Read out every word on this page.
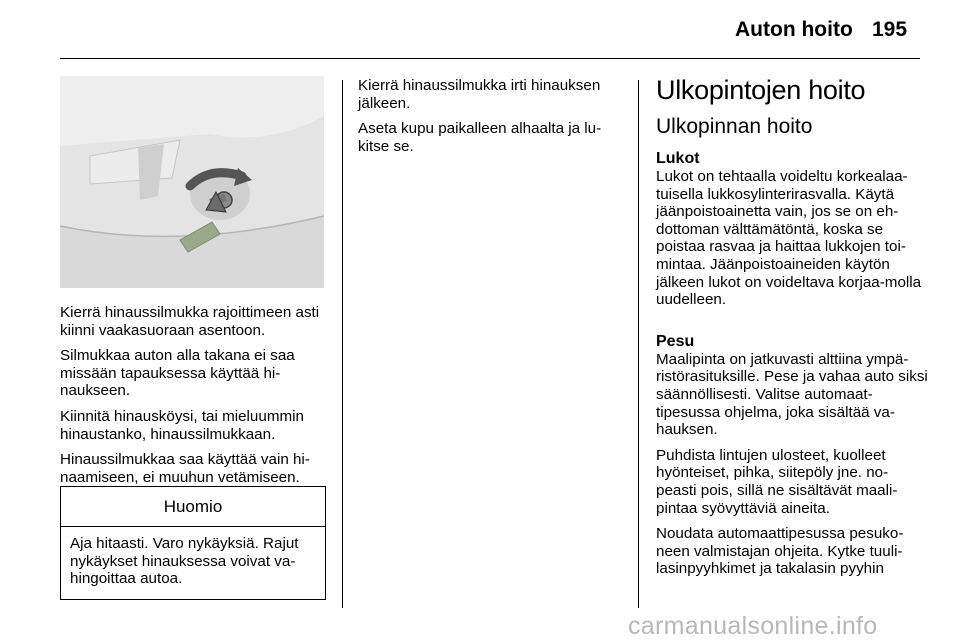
Auton hoito 195

Kierrä hinaussilmukka rajoittimeen asti kiinni vaakasuoraan asentoon.

Silmukkaa auton alla takana ei saa missään tapauksessa käyttää hi-naukseen.

Kiinnitä hinausköysi, tai mieluummin hinaustanko, hinaussilmukkaan.

Hinaussilmukkaa saa käyttää vain hi-naamiseen, ei muuhun vetämiseen.

Huomio
Aja hitaasti. Varo nykäyksiä. Rajut nykäykset hinauksessa voivat va-hingoittaa autoa.

Kierrä hinaussilmukka irti hinauksen jälkeen.

Aseta kupu paikalleen alhaalta ja lu-kitse se.

Ulkopintojen hoito
Ulkopinnan hoito
Lukot

Lukot on tehtaalla voideltu korkealaa-tuisella lukkosylinterirasvalla. Käytä jäänpoistoainetta vain, jos se on eh-dottoman välttämätöntä, koska se poistaa rasvaa ja haittaa lukkojen toi-mintaa. Jäänpoistoaineiden käytön jälkeen lukot on voideltava korjaa-molla uudelleen.

Pesu

Maalipinta on jatkuvasti alttiina ympä-ristörasituksille. Pese ja vahaa auto siksi säännöllisesti. Valitse automaat-tipesussa ohjelma, joka sisältää va-hauksen.

Puhdista lintujen ulosteet, kuolleet hyönteiset, pihka, siitepöly jne. no-peasti pois, sillä ne sisältävät maali-pintaa syövyttäviä aineita.

Noudata automaattipesussa pesuko-neen valmistajan ohjeita. Kytke tuuli-lasinpyyhkimet ja takalasin pyyhin

carmanualsonline.info
